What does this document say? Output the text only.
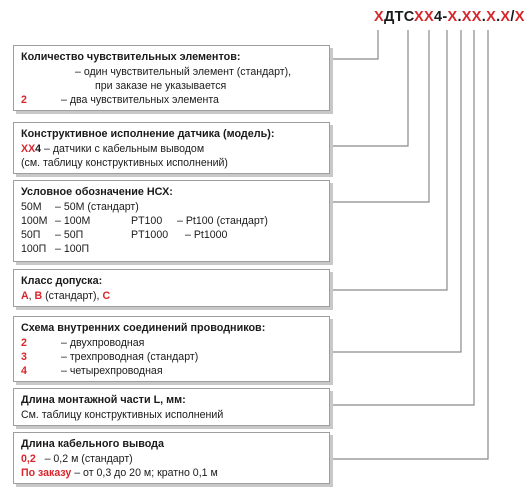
ХДТСХХ4-Х.ХХ.Х.Х/Х
Количество чувствительных элементов:
– один чувствительный элемент (стандарт),
при заказе не указывается
2	– два чувствительных элемента
Конструктивное исполнение датчика (модель):
ХХ4 – датчики с кабельным выводом
(см. таблицу конструктивных исполнений)
Условное обозначение НСХ:
50М – 50М (стандарт)
100М – 100М	PT100 – Pt100 (стандарт)
50П – 50П	PT1000 – Pt1000
100П – 100П
Класс допуска:
A, B (стандарт), C
Схема внутренних соединений проводников:
2	– двухпроводная
3	– трехпроводная (стандарт)
4	– четырехпроводная
Длина монтажной части L, мм:
См. таблицу конструктивных исполнений
Длина кабельного вывода
0,2   – 0,2 м (стандарт)
По заказу – от 0,3 до 20 м; кратно 0,1 м
